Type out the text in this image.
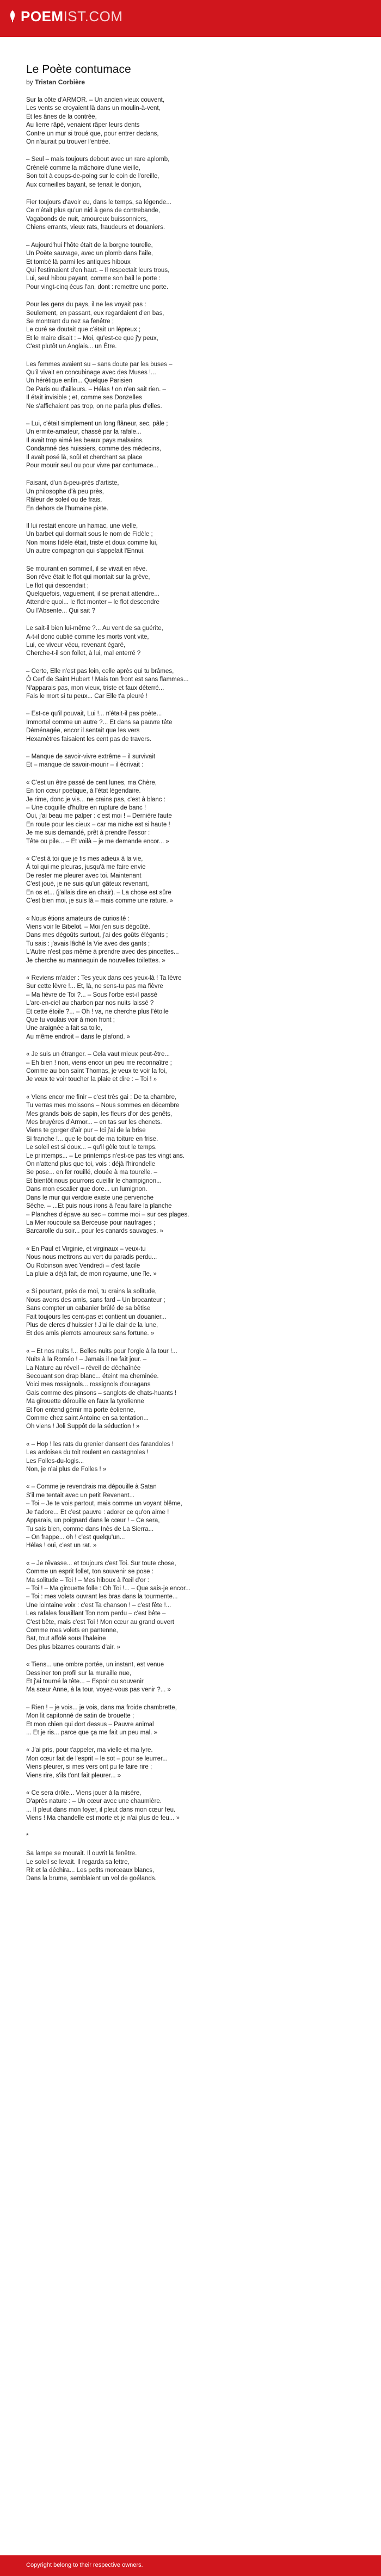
POEMIST.COM
Le Poète contumace
by Tristan Corbière

Sur la côte d'ARMOR. – Un ancien vieux couvent,
Les vents se croyaient là dans un moulin-à-vent,
Et les ânes de la contrée,
Au lierre râpé, venaient râper leurs dents
Contre un mur si troué que, pour entrer dedans,
On n'aurait pu trouver l'entrée.

– Seul – mais toujours debout avec un rare aplomb,
Crénelé comme la mâchoire d'une vieille,
Son toit à coups-de-poing sur le coin de l'oreille,
Aux corneilles bayant, se tenait le donjon,

Fier toujours d'avoir eu, dans le temps, sa légende...
Ce n'était plus qu'un nid à gens de contrebande,
Vagabonds de nuit, amoureux buissonniers,
Chiens errants, vieux rats, fraudeurs et douaniers.

– Aujourd'hui l'hôte était de la borgne tourelle,
Un Poète sauvage, avec un plomb dans l'aile,
Et tombé là parmi les antiques hiboux
Qui l'estimaient d'en haut. – Il respectait leurs trous,
Lui, seul hibou payant, comme son bail le porte :
Pour vingt-cinq écus l'an, dont : remettre une porte.

Pour les gens du pays, il ne les voyait pas :
Seulement, en passant, eux regardaient d'en bas,
Se montrant du nez sa fenêtre ;
Le curé se doutait que c'était un lépreux ;
Et le maire disait : – Moi, qu'est-ce que j'y peux,
C'est plutôt un Anglais... un Être.

Les femmes avaient su – sans doute par les buses –
Qu'il vivait en concubinage avec des Muses !...
Un hérétique enfin... Quelque Parisien
De Paris ou d'ailleurs. – Hélas ! on n'en sait rien. –
Il était invisible ; et, comme ses Donzelles
Ne s'affichaient pas trop, on ne parla plus d'elles.

– Lui, c'était simplement un long flâneur, sec, pâle ;
Un ermite-amateur, chassé par la rafale...
Il avait trop aimé les beaux pays malsains.
Condamné des huissiers, comme des médecins,
Il avait posé là, soûl et cherchant sa place
Pour mourir seul ou pour vivre par contumace...

Faisant, d'un à-peu-près d'artiste,
Un philosophe d'à peu près,
Râleur de soleil ou de frais,
En dehors de l'humaine piste.

Il lui restait encore un hamac, une vielle,
Un barbet qui dormait sous le nom de Fidèle ;
Non moins fidèle était, triste et doux comme lui,
Un autre compagnon qui s'appelait l'Ennui.

Se mourant en sommeil, il se vivait en rêve.
Son rêve était le flot qui montait sur la grève,
Le flot qui descendait ;
Quelquefois, vaguement, il se prenait attendre...
Attendre quoi... le flot monter – le flot descendre
Ou l'Absente... Qui sait ?

Le sait-il bien lui-même ?... Au vent de sa guérite,
A-t-il donc oublié comme les morts vont vite,
Lui, ce viveur vécu, revenant égaré,
Cherche-t-il son follet, à lui, mal enterré ?

– Certe, Elle n'est pas loin, celle après qui tu brâmes,
Ô Cerf de Saint Hubert ! Mais ton front est sans flammes...
N'apparais pas, mon vieux, triste et faux déterré...
Fais le mort si tu peux... Car Elle t'a pleuré !

– Est-ce qu'il pouvait, Lui !... n'était-il pas poète...
Immortel comme un autre ?... Et dans sa pauvre tête
Déménagée, encor il sentait que les vers
Hexamètres faisaient les cent pas de travers.

– Manque de savoir-vivre extrême – il survivait
Et – manque de savoir-mourir – il écrivait :

« C'est un être passé de cent lunes, ma Chère,
En ton cœur poétique, à l'état légendaire.
Je rime, donc je vis... ne crains pas, c'est à blanc :
– Une coquille d'huître en rupture de banc !
Oui, j'ai beau me palper : c'est moi ! – Dernière faute
En route pour les cieux – car ma niche est si haute !
Je me suis demandé, prêt à prendre l'essor :
Tête ou pile... – Et voilà – je me demande encor... »

« C'est à toi que je fis mes adieux à la vie,
À toi qui me pleuras, jusqu'à me faire envie
De rester me pleurer avec toi. Maintenant
C'est joué, je ne suis qu'un gâteux revenant,
En os et... (j'allais dire en chair). – La chose est sûre
C'est bien moi, je suis là – mais comme une rature. »

« Nous étions amateurs de curiosité :
Viens voir le Bibelot. – Moi j'en suis dégoûté.
Dans mes dégoûts surtout, j'ai des goûts élégants ;
Tu sais : j'avais lâché la Vie avec des gants ;
L'Autre n'est pas même à prendre avec des pincettes...
Je cherche au mannequin de nouvelles toilettes. »

« Reviens m'aider : Tes yeux dans ces yeux-là ! Ta lèvre
Sur cette lèvre !... Et, là, ne sens-tu pas ma fièvre
– Ma fièvre de Toi ?... – Sous l'orbe est-il passé
L'arc-en-ciel au charbon par nos nuits laissé ?
Et cette étoile ?... – Oh ! va, ne cherche plus l'étoile
Que tu voulais voir à mon front ;
Une araignée a fait sa toile,
Au même endroit – dans le plafond. »

« Je suis un étranger. – Cela vaut mieux peut-être...
– Eh bien ! non, viens encor un peu me reconnaître ;
Comme au bon saint Thomas, je veux te voir la foi,
Je veux te voir toucher la plaie et dire : – Toi ! »

« Viens encor me finir – c'est très gai : De ta chambre,
Tu verras mes moissons – Nous sommes en décembre
Mes grands bois de sapin, les fleurs d'or des genêts,
Mes bruyères d'Armor... – en tas sur les chenets.
Viens te gorger d'air pur – Ici j'ai de la brise
Si franche !... que le bout de ma toiture en frise.
Le soleil est si doux... – qu'il gèle tout le temps.
Le printemps... – Le printemps n'est-ce pas tes vingt ans.
On n'attend plus que toi, vois : déjà l'hirondelle
Se pose... en fer rouillé, clouée à ma tourelle. –
Et bientôt nous pourrons cueillir le champignon...
Dans mon escalier que dore... un lumignon.
Dans le mur qui verdoie existe une pervenche
Sèche. – ...Et puis nous irons à l'eau faire la planche
– Planches d'épave au sec – comme moi – sur ces plages.
La Mer roucoule sa Berceuse pour naufrages ;
Barcarolle du soir... pour les canards sauvages. »

« En Paul et Virginie, et virginaux – veux-tu
Nous nous mettrons au vert du paradis perdu...
Ou Robinson avec Vendredi – c'est facile
La pluie a déjà fait, de mon royaume, une île. »

« Si pourtant, près de moi, tu crains la solitude,
Nous avons des amis, sans fard – Un brocanteur ;
Sans compter un cabanier brûlé de sa bêtise
Fait toujours les cent-pas et contient un douanier...
Plus de clercs d'huissier ! J'ai le clair de la lune,
Et des amis pierrots amoureux sans fortune. »

« – Et nos nuits !... Belles nuits pour l'orgie à la tour !...
Nuits à la Roméo ! – Jamais il ne fait jour. –
La Nature au réveil – réveil de déchaînée
Secouant son drap blanc... éteint ma cheminée.
Voici mes rossignols... rossignols d'ouragans
Gais comme des pinsons – sanglots de chats-huants !
Ma girouette dérouille en faux la tyrolienne
Et l'on entend gémir ma porte éolienne,
Comme chez saint Antoine en sa tentation...
Oh viens ! Joli Suppôt de la séduction ! »

« – Hop ! les rats du grenier dansent des farandoles !
Les ardoises du toit roulent en castagnoles !
Les Folles-du-logis...
Non, je n'ai plus de Folles ! »

« – Comme je revendrais ma dépouille à Satan
S'il me tentait avec un petit Revenant...
– Toi – Je te vois partout, mais comme un voyant blême,
Je t'adore... Et c'est pauvre : adorer ce qu'on aime !
Apparais, un poignard dans le cœur ! – Ce sera,
Tu sais bien, comme dans Inès de La Sierra...
– On frappe... oh ! c'est quelqu'un...
Hélas ! oui, c'est un rat. »

« – Je rêvasse... et toujours c'est Toi. Sur toute chose,
Comme un esprit follet, ton souvenir se pose :
Ma solitude – Toi ! – Mes hiboux à l'œil d'or :
– Toi ! – Ma girouette folle : Oh Toi !... – Que sais-je encor...
– Toi : mes volets ouvrant les bras dans la tourmente...
Une lointaine voix : c'est Ta chanson ! – c'est fête !...
Les rafales fouaillant Ton nom perdu – c'est bête –
C'est bête, mais c'est Toi ! Mon cœur au grand ouvert
Comme mes volets en pantenne,
Bat, tout affolé sous l'haleine
Des plus bizarres courants d'air. »

« Tiens... une ombre portée, un instant, est venue
Dessiner ton profil sur la muraille nue,
Et j'ai tourné la tête... – Espoir ou souvenir
Ma sœur Anne, à la tour, voyez-vous pas venir ?... »

– Rien ! – je vois... je vois, dans ma froide chambrette,
Mon lit capitonné de satin de brouette ;
Et mon chien qui dort dessus – Pauvre animal
... Et je ris... parce que ça me fait un peu mal. »

« J'ai pris, pour t'appeler, ma vielle et ma lyre.
Mon cœur fait de l'esprit – le sot – pour se leurrer...
Viens pleurer, si mes vers ont pu te faire rire ;
Viens rire, s'ils t'ont fait pleurer... »

« Ce sera drôle... Viens jouer à la misère,
D'après nature : – Un cœur avec une chaumière.
... Il pleut dans mon foyer, il pleut dans mon cœur feu.
Viens ! Ma chandelle est morte et je n'ai plus de feu... »

*

Sa lampe se mourait. Il ouvrit la fenêtre.
Le soleil se levait. Il regarda sa lettre,
Rit et la déchira... Les petits morceaux blancs,
Dans la brume, semblaient un vol de goélands.

Copyright belong to their respective owners.
